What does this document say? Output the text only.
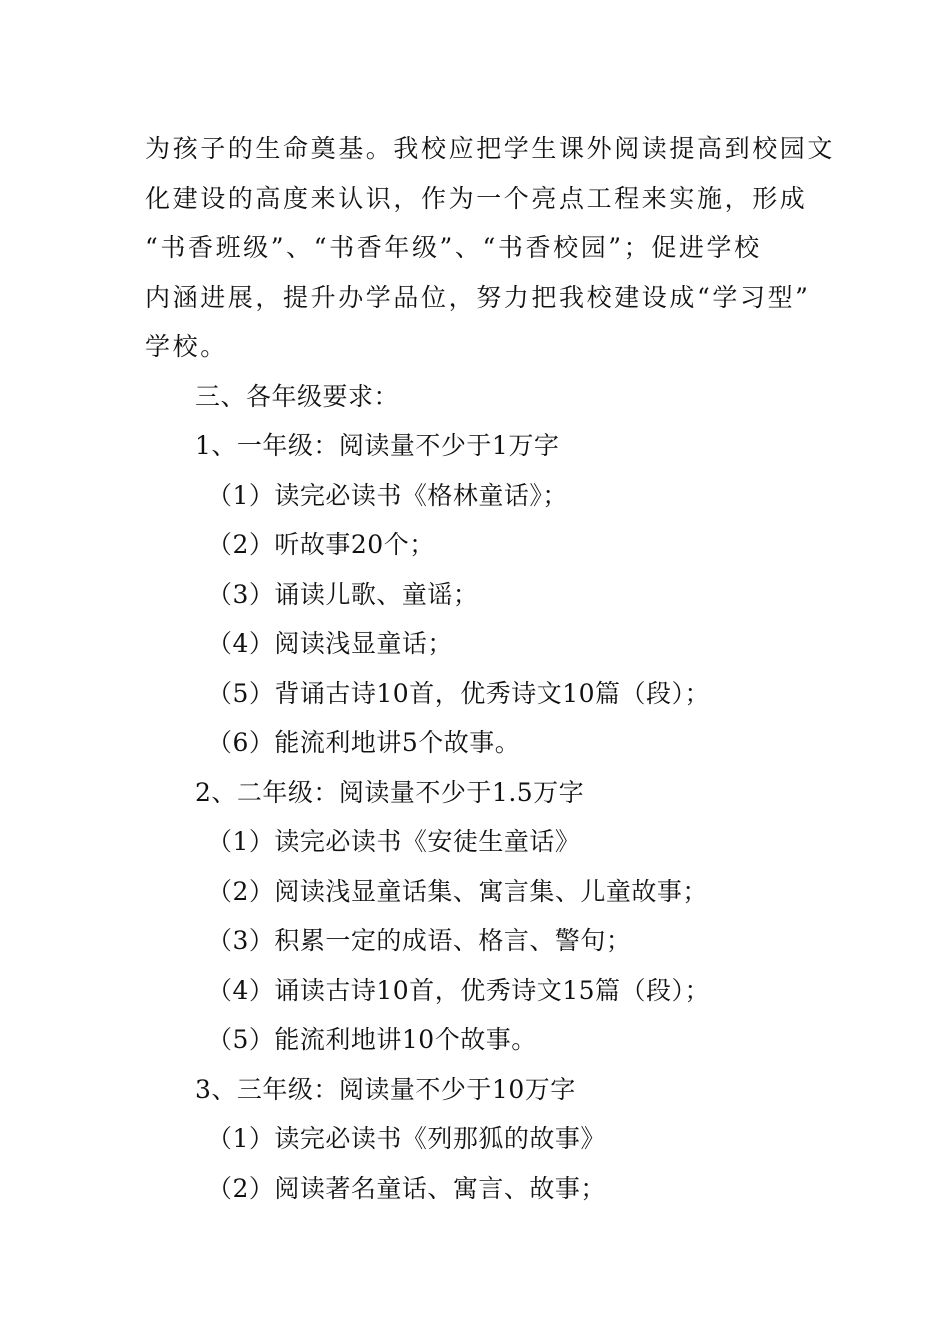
为孩子的生命奠基。我校应把学生课外阅读提高到校园文

化建设的高度来认识，作为一个亮点工程来实施，形成

“书香班级”、“书香年级”、“书香校园”；促进学校

内涵进展，提升办学品位，努力把我校建设成“学习型”

学校。

三、各年级要求：
1、一年级：阅读量不少于1万字
（1）读完必读书《格林童话》；
（2）听故事20个；
（3）诵读儿歌、童谣；
（4）阅读浅显童话；
（5）背诵古诗10首，优秀诗文10篇（段）；
（6）能流利地讲5个故事。
2、二年级：阅读量不少于1.5万字
（1）读完必读书《安徒生童话》
（2）阅读浅显童话集、寓言集、儿童故事；
（3）积累一定的成语、格言、警句；
（4）诵读古诗10首，优秀诗文15篇（段）；
（5）能流利地讲10个故事。
3、三年级：阅读量不少于10万字
（1）读完必读书《列那狐的故事》
（2）阅读著名童话、寓言、故事；
